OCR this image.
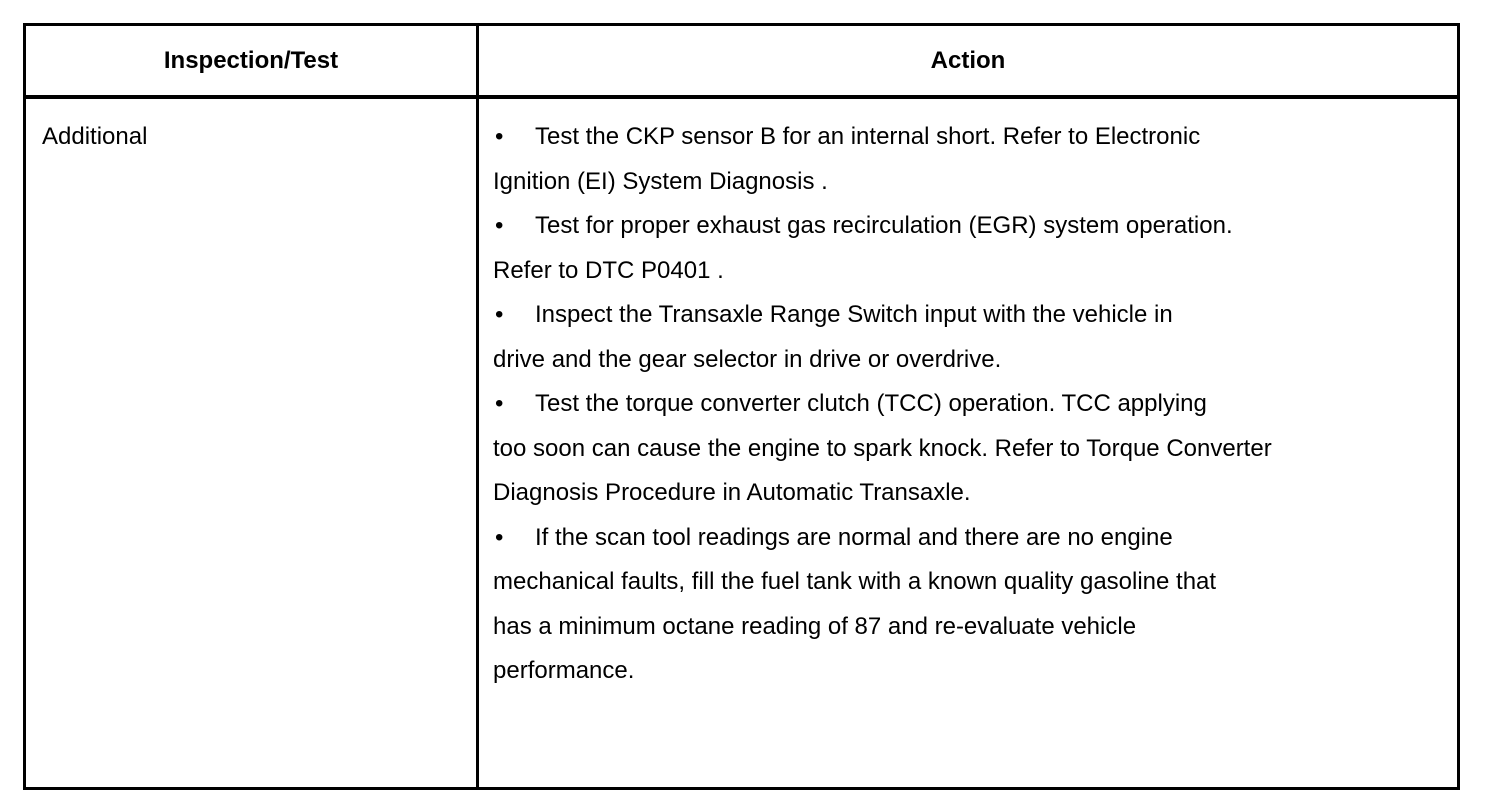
Inspection/Test	Action
Additional	• Test the CKP sensor B for an internal short. Refer to Electronic
Ignition (EI) System Diagnosis .
• Test for proper exhaust gas recirculation (EGR) system operation.
Refer to DTC P0401 .
• Inspect the Transaxle Range Switch input with the vehicle in
drive and the gear selector in drive or overdrive.
• Test the torque converter clutch (TCC) operation. TCC applying
too soon can cause the engine to spark knock. Refer to Torque Converter
Diagnosis Procedure in Automatic Transaxle.
• If the scan tool readings are normal and there are no engine
mechanical faults, fill the fuel tank with a known quality gasoline that
has a minimum octane reading of 87 and re-evaluate vehicle
performance.
